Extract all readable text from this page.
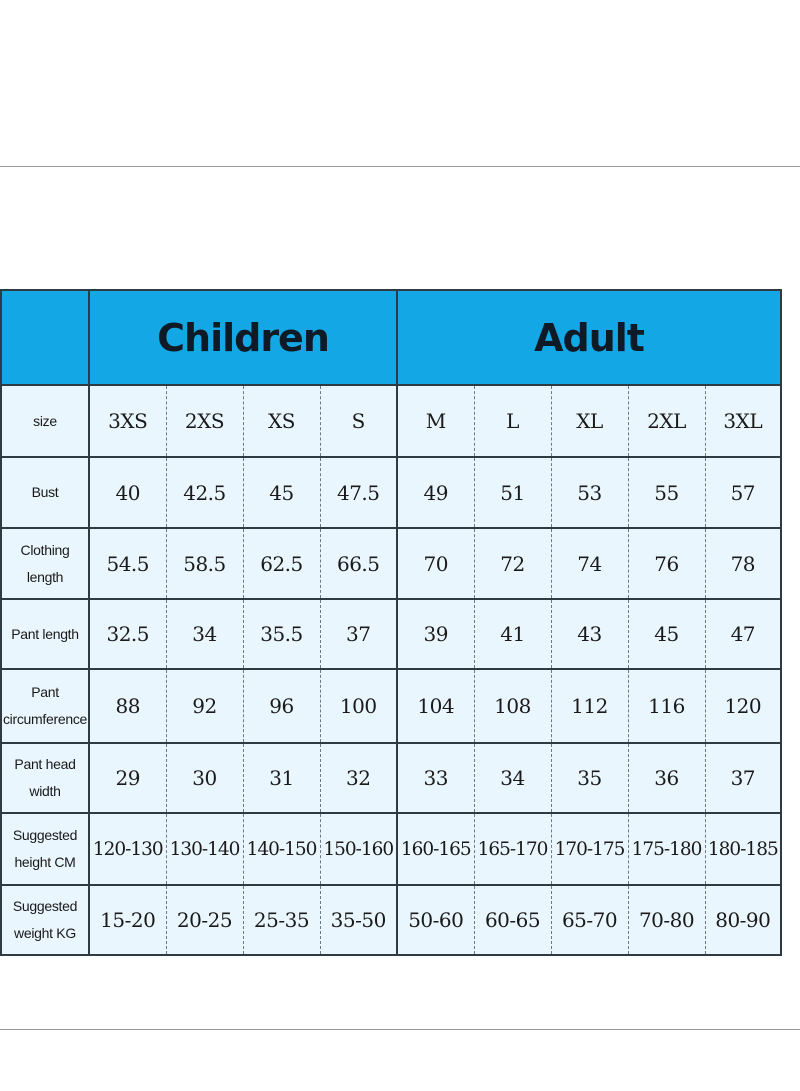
	Children				Adult				
size	3XS	2XS	XS	S	M	L	XL	2XL	3XL
Bust	40	42.5	45	47.5	49	51	53	55	57
Clothing length	54.5	58.5	62.5	66.5	70	72	74	76	78
Pant length	32.5	34	35.5	37	39	41	43	45	47
Pant circumference	88	92	96	100	104	108	112	116	120
Pant head width	29	30	31	32	33	34	35	36	37
Suggested height CM	120-130	130-140	140-150	150-160	160-165	165-170	170-175	175-180	180-185
Suggested weight KG	15-20	20-25	25-35	35-50	50-60	60-65	65-70	70-80	80-90
